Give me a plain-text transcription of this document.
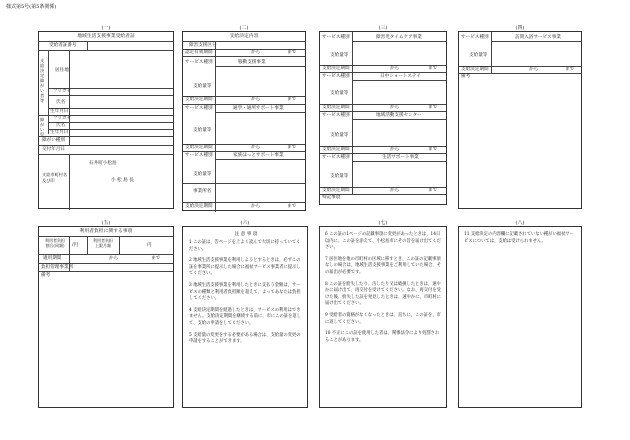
様式第5号(第5条関係)
(一)
地域生活支援事業受給者証
受給者証番号
支給決定障がい者等
居住地
フリガナ
氏名
生年月日
障がい児
フリガナ
氏名
生年月日
障がい種別
交付年月日
支給市町村名
及び印
石井町小松島
小 松 島 長
(二)
支給決定内容
障害支援区分
認定有効期間	から	まで
サービス種別	移動支援事業
支給量等
支給決定期間	から	まで
サービス種別	通学・通所サポート事業
支給量等
支給決定期間	から	まで
サービス種別	家族ほっとサポート事業
支給量等
事業所名
支給決定期間	から	まで
(三)
サービス種別	障害児タイムケア事業
支給量等
支給決定期間	から	まで
サービス種別	日中ショートステイ
支給量等
支給決定期間	から	まで
サービス種別	地域活動支援センター
支給量等
支給決定期間	から	まで
サービス種別	生活サポート事業
支給量等
支給決定期間	から	まで
特記事項
(四)
サービス種別	訪問入浴サービス事業
支給量等
支給決定期間	から	まで
備考
(五)
利用者負担に関する事項
利用者負担
割合(同額)	/円
利用者負担
上限月額	円
適用期間	から	まで
負担管理事業所
備考
(六)
注 意 事 項

1 この証は、告ページを上よく読んで大切に持っていてください。

2 地域生活支援事業を利用しようとするときは、必ずこの証を事業所に提示した場合に福祉サービス事業者に提示してください。

3 地域生活支援事業を利用したときに支払う金額は、サービスの種類と利用者負担額を超えて、よってあなたは負担してください。

4 支給決定期間を経過したときは、サービスの利用はできません。支給決定期間を継続する前に、市にこの証を返して、支給の申請をしてください。

5 支給量の変更をする必要がある場合は、支給量の変更の申請をすることができます。

(七)

6 この証の1ページの記載事項に変更があったときは、14日以内に、この証を添えて、小松島市にその旨を届け出てください。

7 居住地を他の市町村の区域に移すとき、この証の記載事項なしの場合は、地域生活支援事業をご利用していた場合、その届出が必要です。

8 この証を紛失したり、汚したり又は破損したときは、速やかに届け出て、再交付を受けてください。なお、再交付を受けた後、紛失した証を発見したときは、速やかに、市町村に届け出てください。

9 受給者の資格がなくなったときは、直ちに、この証を、市に返してください。

10 不正にこの証を使用した者は、関係法令により処罰されることがあります。

(八)

11 支給決定の内容欄に記載されていない種がい福祉サービスについては、支給は受けられません。
